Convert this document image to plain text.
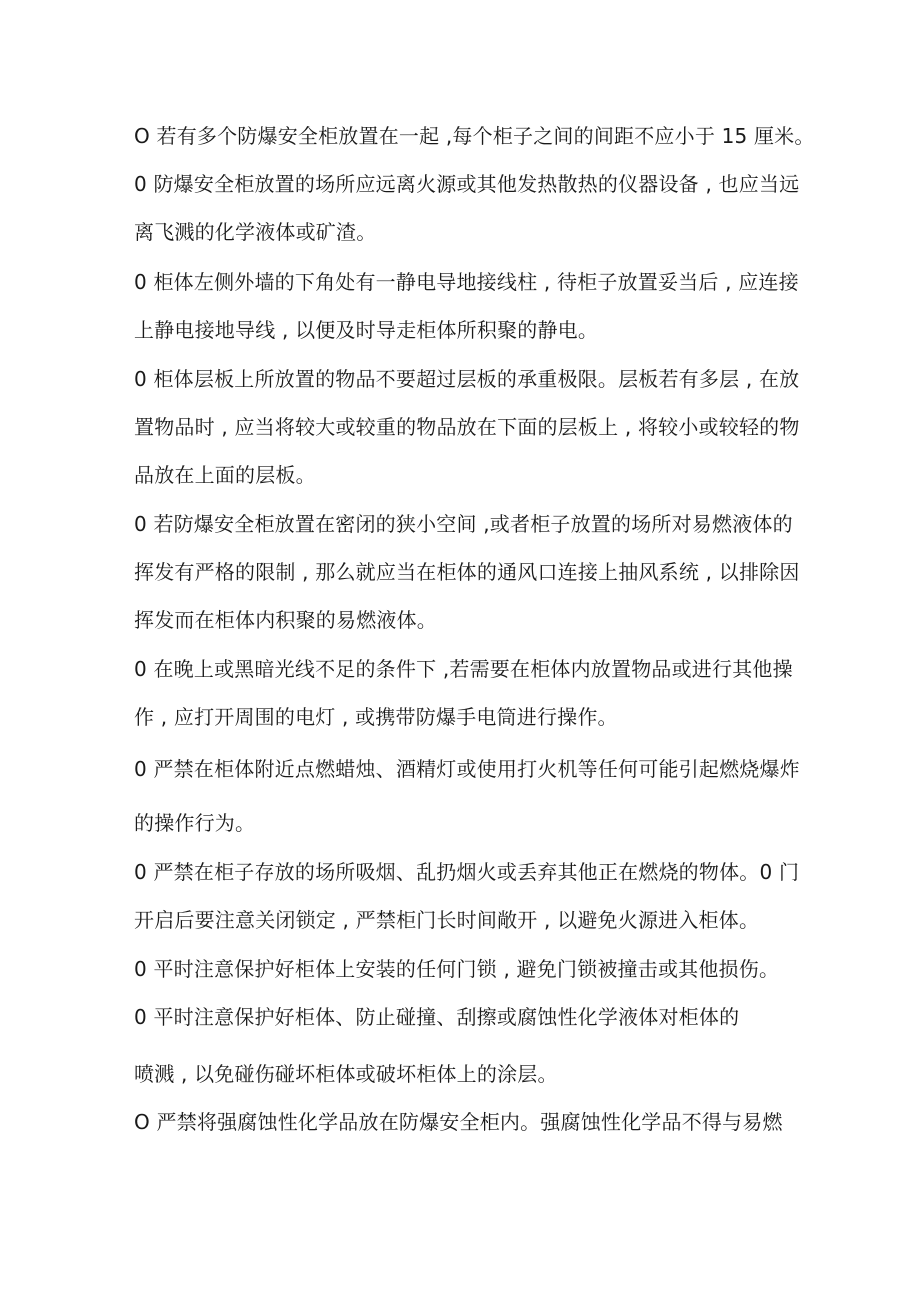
O 若有多个防爆安全柜放置在一起 ,每个柜子之间的间距不应小于 15 厘米。
0 防爆安全柜放置的场所应远离火源或其他发热散热的仪器设备 , 也应当远
离飞溅的化学液体或矿渣。
0 柜体左侧外墙的下角处有一静电导地接线柱 , 待柜子放置妥当后 , 应连接
上静电接地导线 , 以便及时导走柜体所积聚的静电。
0 柜体层板上所放置的物品不要超过层板的承重极限。层板若有多层 , 在放
置物品时 , 应当将较大或较重的物品放在下面的层板上 , 将较小或较轻的物
品放在上面的层板。
0 若防爆安全柜放置在密闭的狭小空间 ,或者柜子放置的场所对易燃液体的
挥发有严格的限制 , 那么就应当在柜体的通风口连接上抽风系统 , 以排除因
挥发而在柜体内积聚的易燃液体。
0 在晚上或黑暗光线不足的条件下 ,若需要在柜体内放置物品或进行其他操
作 , 应打开周围的电灯 , 或携带防爆手电筒进行操作。
0 严禁在柜体附近点燃蜡烛、酒精灯或使用打火机等任何可能引起燃烧爆炸
的操作行为。
0 严禁在柜子存放的场所吸烟、乱扔烟火或丢弃其他正在燃烧的物体。0 门
开启后要注意关闭锁定 , 严禁柜门长时间敞开 , 以避免火源进入柜体。
0 平时注意保护好柜体上安装的任何门锁 , 避免门锁被撞击或其他损伤。
0 平时注意保护好柜体、防止碰撞、刮擦或腐蚀性化学液体对柜体的
喷溅 , 以免碰伤碰坏柜体或破坏柜体上的涂层。
O 严禁将强腐蚀性化学品放在防爆安全柜内。强腐蚀性化学品不得与易燃
